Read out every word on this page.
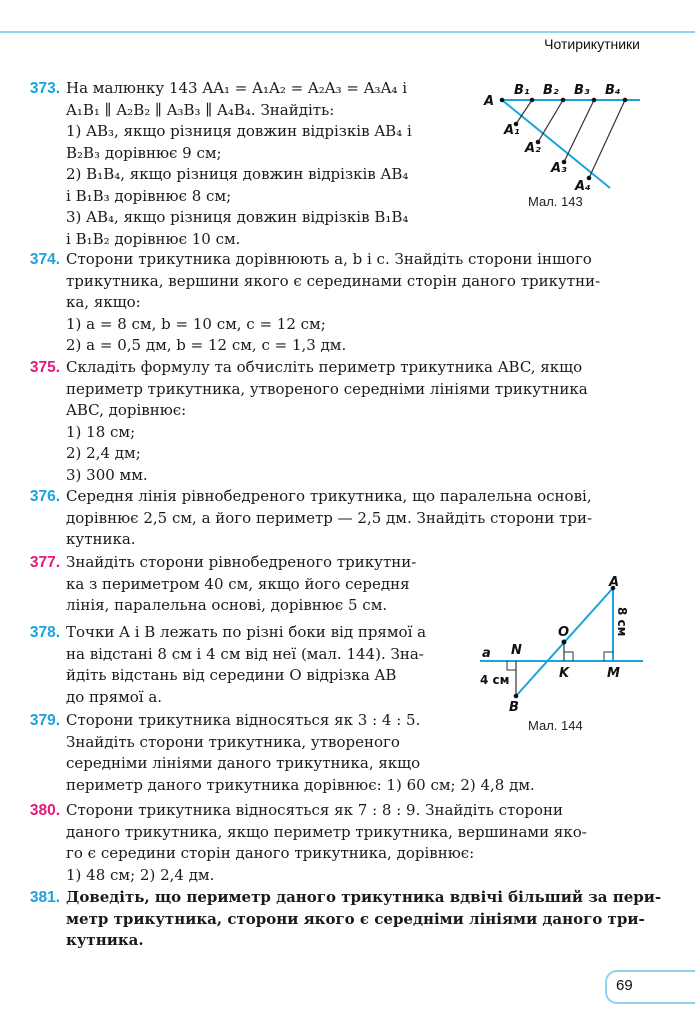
Чотирикутники
373. На малюнку 143 AA₁ = A₁A₂ = A₂A₃ = A₃A₄ і
A₁B₁ ∥ A₂B₂ ∥ A₃B₃ ∥ A₄B₄. Знайдіть:
1) AB₃, якщо різниця довжин відрізків AB₄ і
B₂B₃ дорівнює 9 см;
2) B₁B₄, якщо різниця довжин відрізків AB₄
і B₁B₃ дорівнює 8 см;
3) AB₄, якщо різниця довжин відрізків B₁B₄
і B₁B₂ дорівнює 10 см.
A
B₁ B₂ B₃ B₄
A₁
A₂
A₃
A₄
Мал. 143
374. Сторони трикутника дорівнюють a, b і c. Знайдіть сторони іншого
трикутника, вершини якого є серединами сторін даного трикутни-
ка, якщо:
1) a = 8 см, b = 10 см, c = 12 см;
2) a = 0,5 дм, b = 12 см, c = 1,3 дм.
375. Складіть формулу та обчисліть периметр трикутника ABC, якщо
периметр трикутника, утвореного середніми лініями трикутника
ABC, дорівнює:
1) 18 см;
2) 2,4 дм;
3) 300 мм.
376. Середня лінія рівнобедреного трикутника, що паралельна основі,
дорівнює 2,5 см, а його периметр — 2,5 дм. Знайдіть сторони три-
кутника.
377. Знайдіть сторони рівнобедреного трикутни-
ка з периметром 40 см, якщо його середня
лінія, паралельна основі, дорівнює 5 см.
378. Точки A і B лежать по різні боки від прямої a
на відстані 8 см і 4 см від неї (мал. 144). Зна-
йдіть відстань від середини O відрізка AB
до прямої a.
A
O
N
K	M
B
a
4 см
8 см
Мал. 144
379. Сторони трикутника відносяться як 3 : 4 : 5.
Знайдіть сторони трикутника, утвореного
середніми лініями даного трикутника, якщо
периметр даного трикутника дорівнює: 1) 60 см; 2) 4,8 дм.
380. Сторони трикутника відносяться як 7 : 8 : 9. Знайдіть сторони
даного трикутника, якщо периметр трикутника, вершинами яко-
го є середини сторін даного трикутника, дорівнює:
1) 48 см; 2) 2,4 дм.
381. Доведіть, що периметр даного трикутника вдвічі більший за пери-
метр трикутника, сторони якого є середніми лініями даного три-
кутника.
69
